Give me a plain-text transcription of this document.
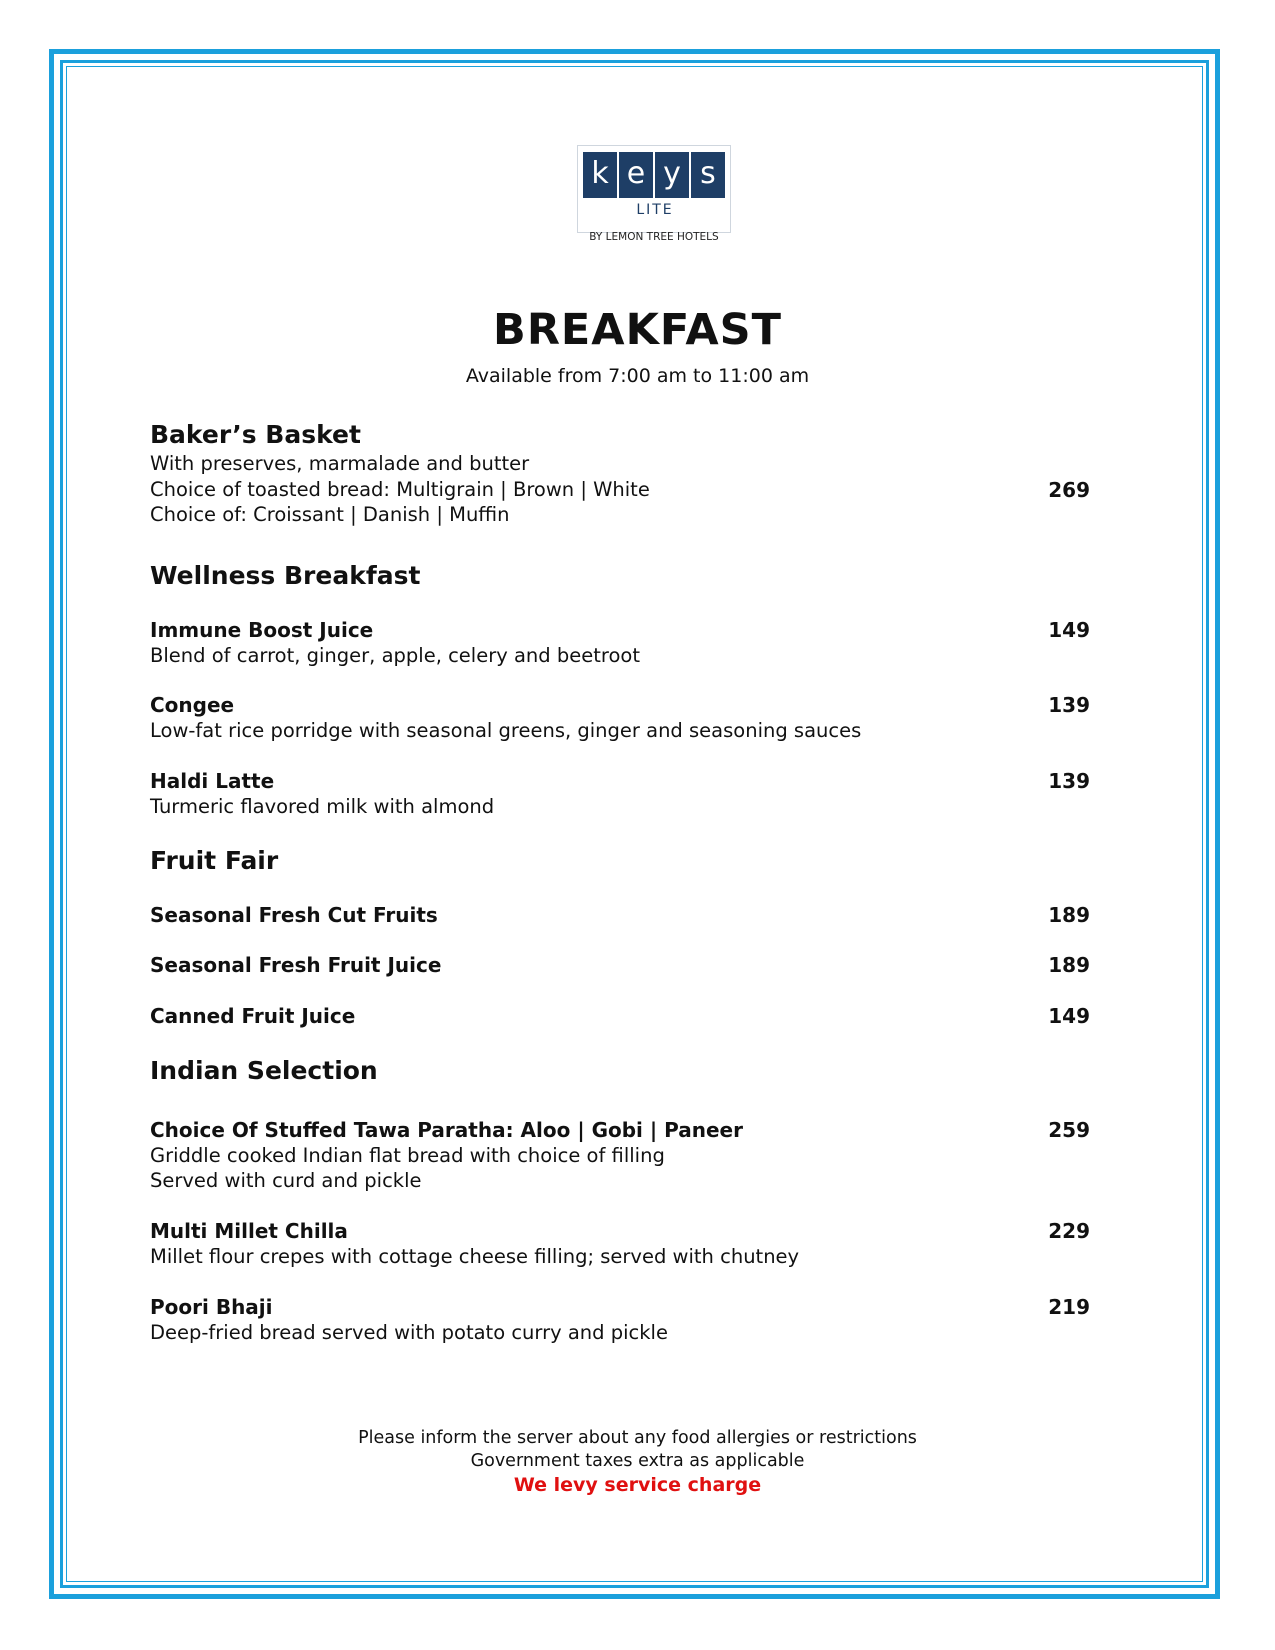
k e y s
LITE
BY LEMON TREE HOTELS
BREAKFAST
Available from 7:00 am to 11:00 am
Baker’s Basket
With preserves, marmalade and butter
Choice of toasted bread: Multigrain | Brown | White	269
Choice of: Croissant | Danish | Muffin
Wellness Breakfast
Immune Boost Juice	149
Blend of carrot, ginger, apple, celery and beetroot
Congee	139
Low-fat rice porridge with seasonal greens, ginger and seasoning sauces
Haldi Latte	139
Turmeric flavored milk with almond
Fruit Fair
Seasonal Fresh Cut Fruits	189
Seasonal Fresh Fruit Juice	189
Canned Fruit Juice	149
Indian Selection
Choice Of Stuffed Tawa Paratha: Aloo | Gobi | Paneer	259
Griddle cooked Indian flat bread with choice of filling
Served with curd and pickle
Multi Millet Chilla	229
Millet flour crepes with cottage cheese filling; served with chutney
Poori Bhaji	219
Deep-fried bread served with potato curry and pickle
Please inform the server about any food allergies or restrictions
Government taxes extra as applicable
We levy service charge
